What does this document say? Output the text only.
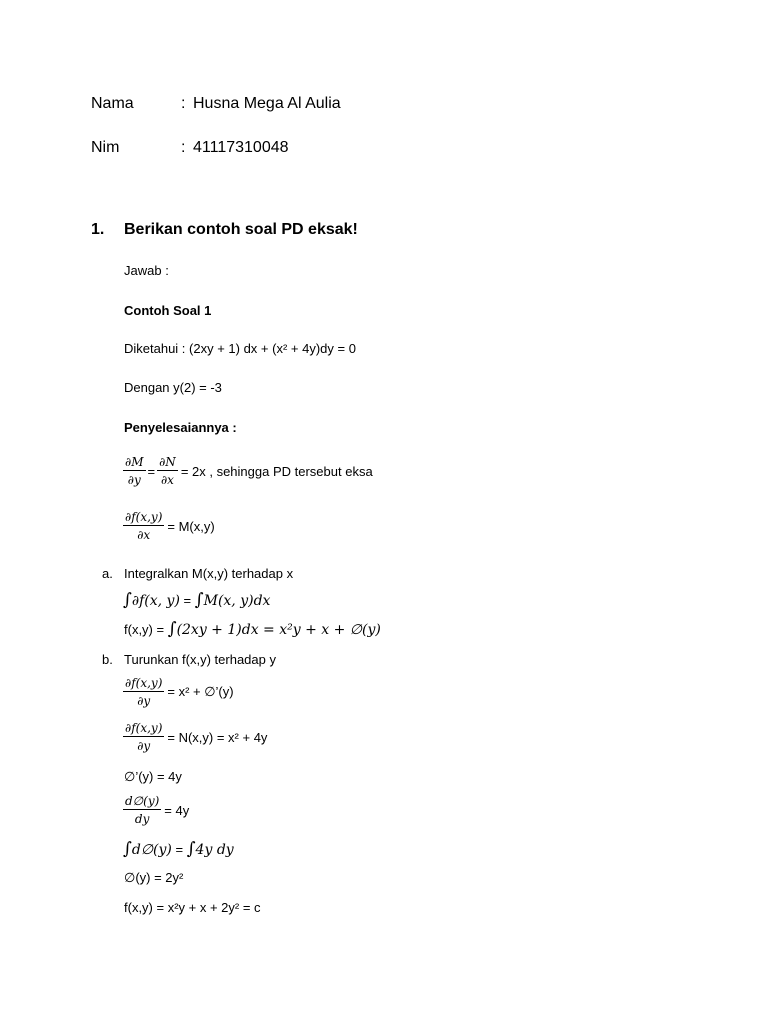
Nama	: Husna Mega Al Aulia
Nim	: 41117310048
1. Berikan contoh soal PD eksak!
Jawab :
Contoh Soal 1
Diketahui : (2xy + 1) dx + (x² + 4y)dy = 0
Dengan y(2) = -3
Penyelesaiannya :
$\frac{\partial M}{\partial y} = \frac{\partial N}{\partial x} = 2x$ , sehingga PD tersebut eksa
$\frac{\partial f(x,y)}{\partial x} = M(x,y)$
a. Integralkan M(x,y) terhadap x
∫∂f(x, y) = ∫M(x, y)dx
f(x,y) = ∫(2xy + 1)dx = x²y + x + ∅(y)
b. Turunkan f(x,y) terhadap y
$\frac{\partial f(x,y)}{\partial y} = x^2$ + ∅’(y)
$\frac{\partial f(x,y)}{\partial y} = N(x,y) = x^2 + 4y$
∅’(y) = 4y
$\frac{d\emptyset(y)}{dy} = 4y$
∫d∅(y) = ∫4y dy
∅(y) = 2y²
f(x,y) = x²y + x + 2y² = c
